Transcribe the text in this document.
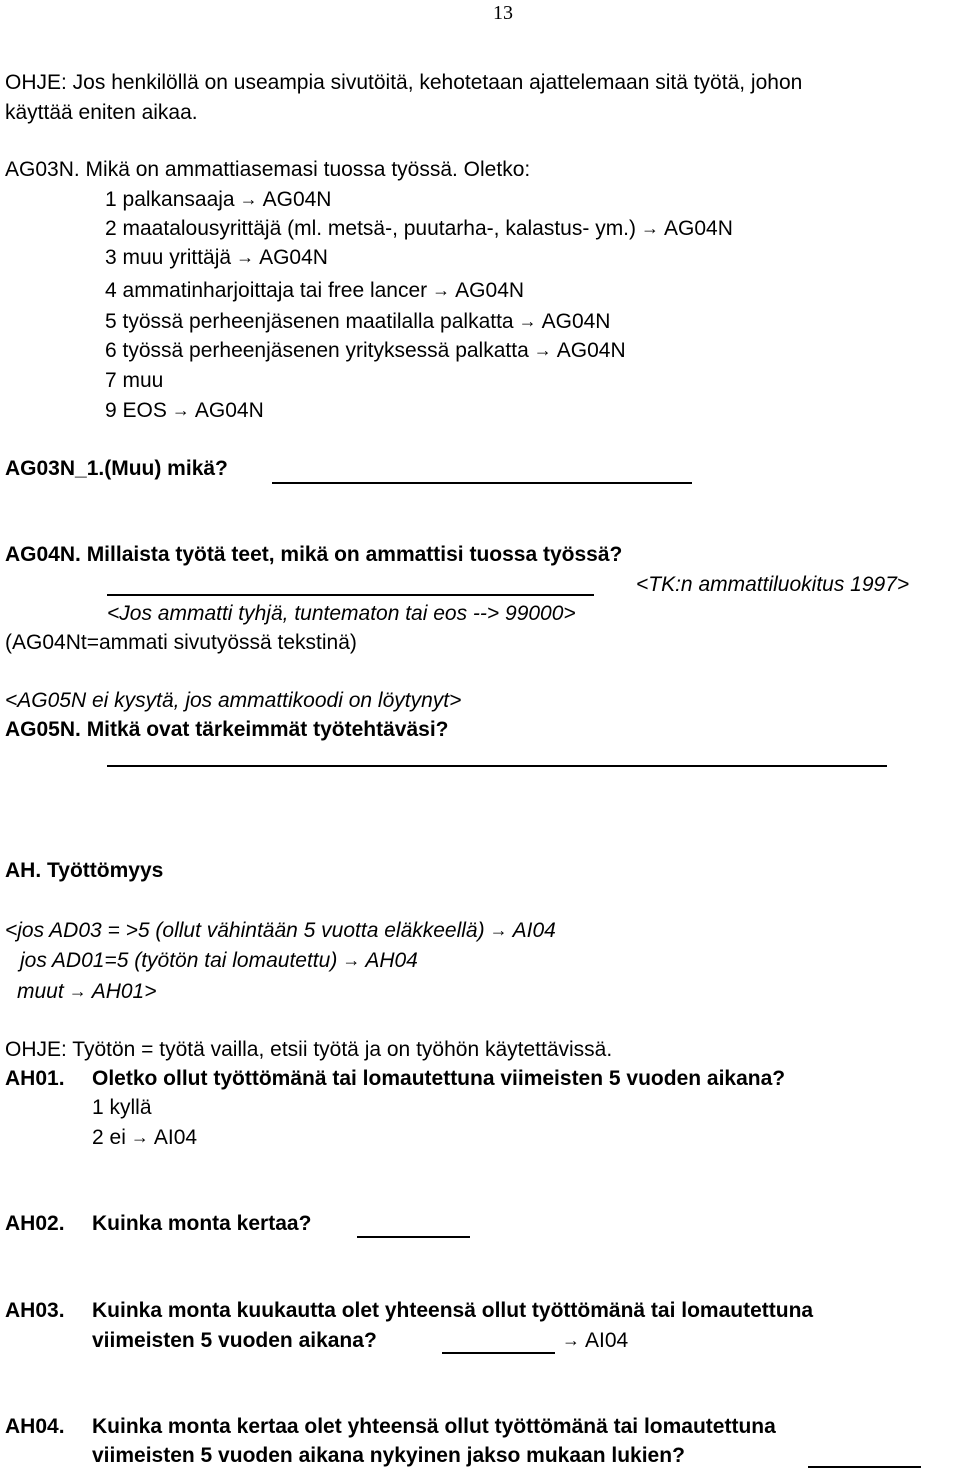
13
OHJE: Jos henkilöllä on useampia sivutöitä, kehotetaan ajattelemaan sitä työtä, johon
käyttää eniten aikaa.
AG03N. Mikä on ammattiasemasi tuossa työssä. Oletko:
1 palkansaaja → AG04N
2 maatalousyrittäjä (ml. metsä-, puutarha-, kalastus- ym.) → AG04N
3 muu yrittäjä → AG04N
4 ammatinharjoittaja tai free lancer → AG04N
5 työssä perheenjäsenen maatilalla palkatta → AG04N
6 työssä perheenjäsenen yrityksessä palkatta → AG04N
7 muu
9 EOS → AG04N
AG03N_1.(Muu) mikä?
AG04N. Millaista työtä teet, mikä on ammattisi tuossa työssä?
<TK:n ammattiluokitus 1997>
<Jos ammatti tyhjä, tuntematon tai eos --> 99000>
(AG04Nt=ammati sivutyössä tekstinä)
<AG05N ei kysytä, jos ammattikoodi on löytynyt>
AG05N. Mitkä ovat tärkeimmät työtehtäväsi?
AH. Työttömyys
<jos AD03 = >5 (ollut vähintään 5 vuotta eläkkeellä) → AI04
jos AD01=5 (työtön tai lomautettu) → AH04
muut → AH01>
OHJE: Työtön = työtä vailla, etsii työtä ja on työhön käytettävissä.
AH01. Oletko ollut työttömänä tai lomautettuna viimeisten 5 vuoden aikana?
1 kyllä
2 ei → AI04
AH02. Kuinka monta kertaa?
AH03. Kuinka monta kuukautta olet yhteensä ollut työttömänä tai lomautettuna
viimeisten 5 vuoden aikana?	→ AI04
AH04. Kuinka monta kertaa olet yhteensä ollut työttömänä tai lomautettuna
viimeisten 5 vuoden aikana nykyinen jakso mukaan lukien?
